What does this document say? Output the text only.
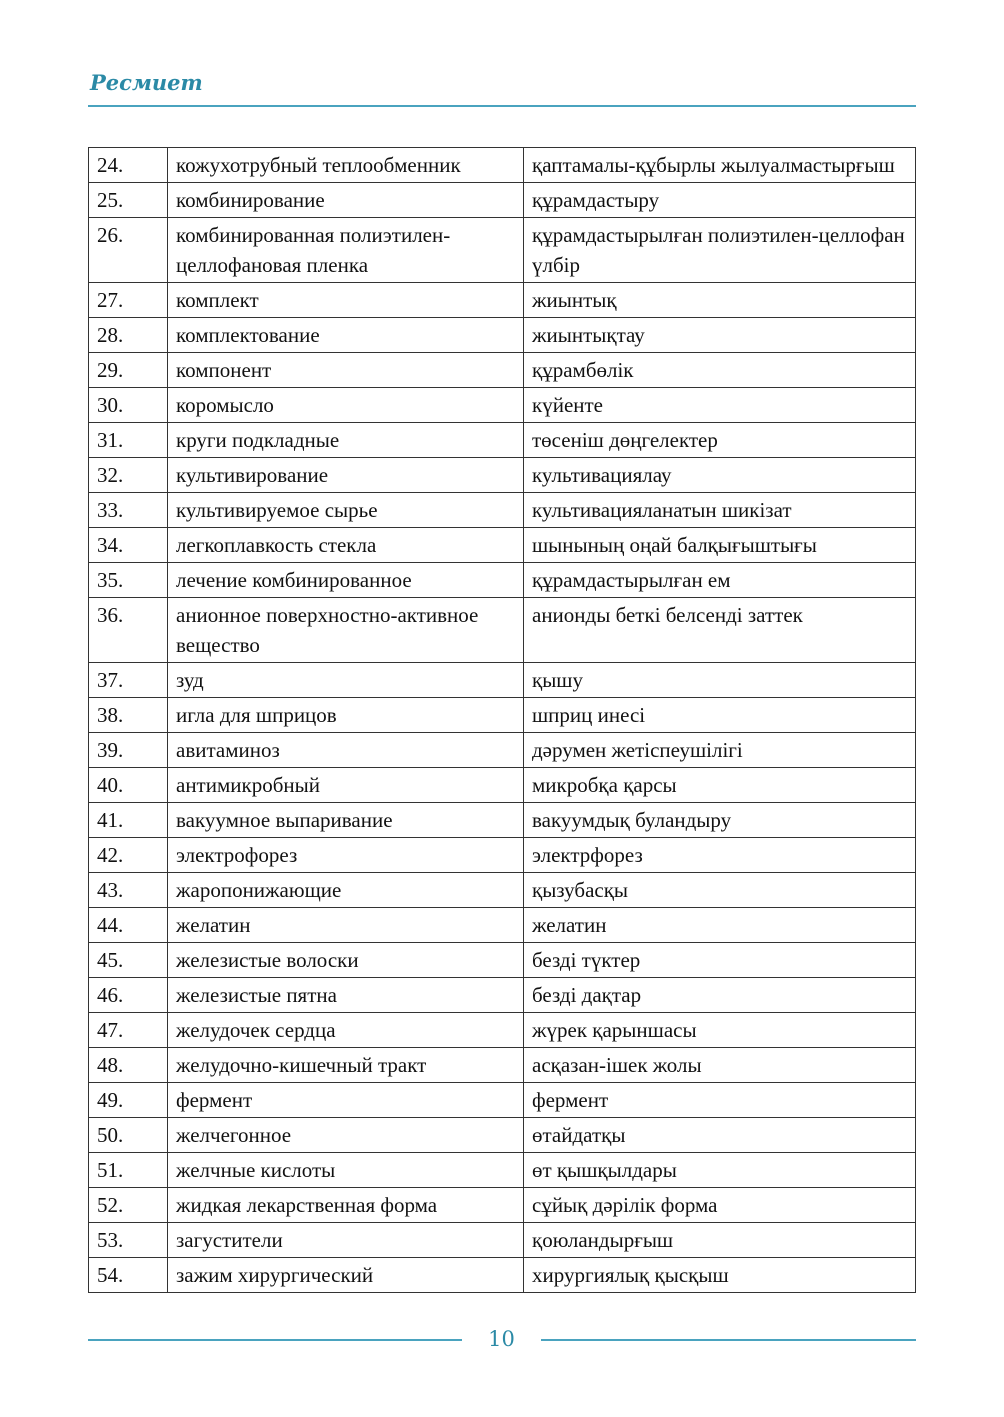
Ресмиет
24.	кожухотрубный теплообменник	қаптамалы-құбырлы жылуалмастырғыш
25.	комбинирование	құрамдастыру
26.	комбинированная полиэтилен-целлофановая пленка	құрамдастырылған полиэтилен-целлофан үлбір
27.	комплект	жиынтық
28.	комплектование	жиынтықтау
29.	компонент	құрамбөлік
30.	коромысло	күйенте
31.	круги подкладные	төсеніш дөңгелектер
32.	культивирование	культивациялау
33.	культивируемое сырье	культивацияланатын шикізат
34.	легкоплавкость стекла	шынының оңай балқығыштығы
35.	лечение комбинированное	құрамдастырылған ем
36.	анионное поверхностно-активное вещество	анионды беткі белсенді заттек
37.	зуд	қышу
38.	игла для шприцов	шприц инесі
39.	авитаминоз	дәрумен жетіспеушілігі
40.	антимикробный	микробқа қарсы
41.	вакуумное выпаривание	вакуумдық буландыру
42.	электрофорез	электрфорез
43.	жаропонижающие	қызубасқы
44.	желатин	желатин
45.	железистые волоски	безді түктер
46.	железистые пятна	безді дақтар
47.	желудочек сердца	жүрек қарыншасы
48.	желудочно-кишечный тракт	асқазан-ішек жолы
49.	фермент	фермент
50.	желчегонное	өтайдатқы
51.	желчные кислоты	өт қышқылдары
52.	жидкая лекарственная форма	сұйық дәрілік форма
53.	загустители	қоюландырғыш
54.	зажим хирургический	хирургиялық қысқыш
10
